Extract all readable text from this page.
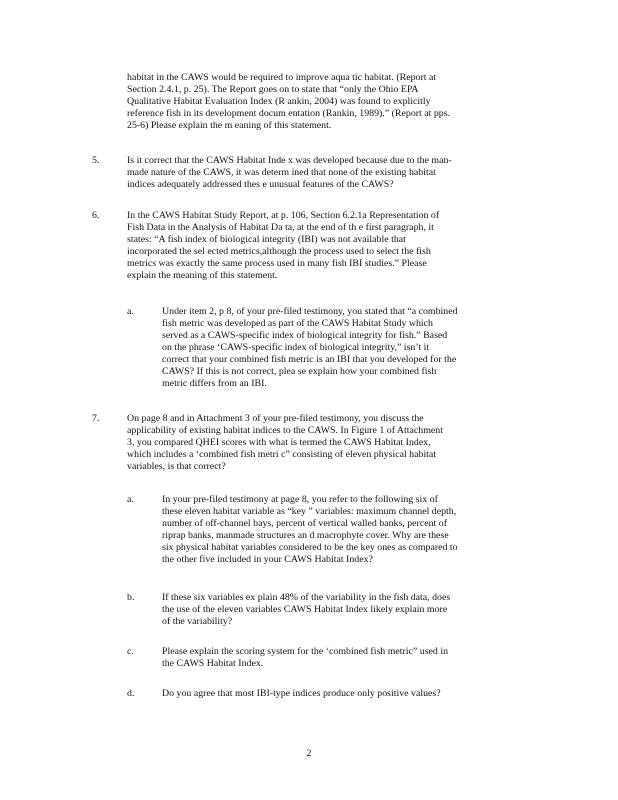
habitat in the CAWS would be required to improve aqua tic habitat. (Report at
Section 2.4.1, p. 25). The Report goes on to state that “only the Ohio EPA
Qualitative Habitat Evaluation Index (R ankin, 2004) was found to explicitly
reference fish in its development docum entation (Rankin, 1989).” (Report at pps.
25-6) Please explain the m eaning of this statement.
5.	Is it correct that the CAWS Habitat Inde x was developed because due to the man-
made nature of the CAWS, it was determ ined that none of the existing habitat
indices adequately addressed thes e unusual features of the CAWS?
6.	In the CAWS Habitat Study Report, at p. 106, Section 6.2.1a Representation of
Fish Data in the Analysis of Habitat Da ta, at the end of th e first paragraph, it
states: “A fish index of biological integrity (IBI) was not available that
incorporated the sel ected metrics,although the process used to select the fish
metrics was exactly the same process used in many fish IBI studies.” Please
explain the meaning of this statement.
a.	Under item 2, p 8, of your pre-filed testimony, you stated that “a combined
fish metric was developed as part of the CAWS Habitat Study which
served as a CAWS-specific index of biological integrity for fish.” Based
on the phrase ‘CAWS-specific index of biological integrity,” isn’t it
correct that your combined fish metric is an IBI that you developed for the
CAWS? If this is not correct, plea se explain how your combined fish
metric differs from an IBI.
7.	On page 8 and in Attachment 3 of your pre-filed testimony, you discuss the
applicability of existing habitat indices to the CAWS. In Figure 1 of Attachment
3, you compared QHEI scores with what is termed the CAWS Habitat Index,
which includes a ‘combined fish metri c” consisting of eleven physical habitat
variables, is that correct?
a.	In your pre-filed testimony at page 8, you refer to the following six of
these eleven habitat variable as “key ” variables: maximum channel depth,
number of off-channel bays, percent of vertical walled banks, percent of
riprap banks, manmade structures an d macrophyte cover. Why are these
six physical habitat variables considered to be the key ones as compared to
the other five included in your CAWS Habitat Index?
b.	If these six variables ex plain 48% of the variability in the fish data, does
the use of the eleven variables CAWS Habitat Index likely explain more
of the variability?
c.	Please explain the scoring system for the ‘combined fish metric” used in
the CAWS Habitat Index.
d.	Do you agree that most IBI-type indices produce only positive values?
2
